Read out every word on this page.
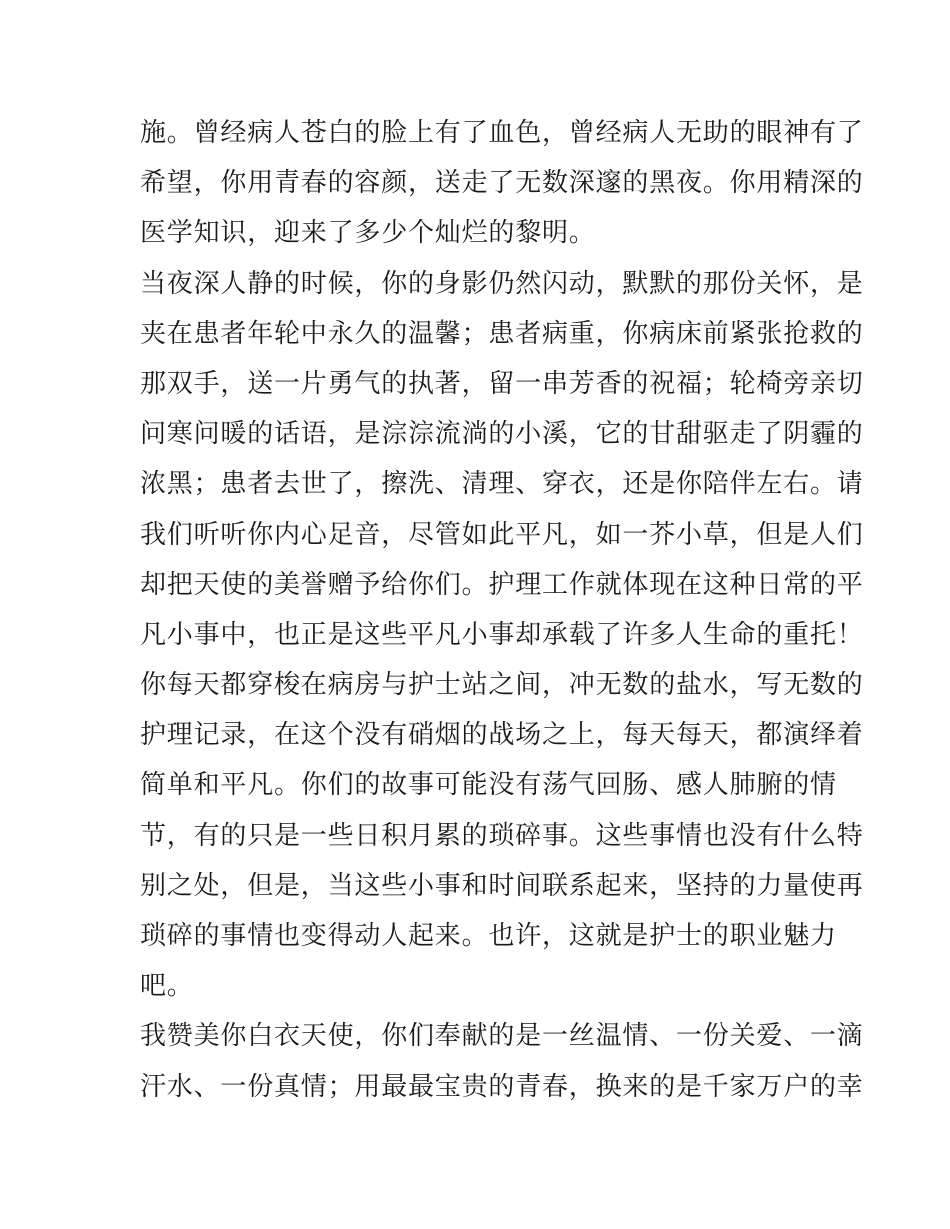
施。曾经病人苍白的脸上有了血色，曾经病人无助的眼神有了
希望，你用青春的容颜，送走了无数深邃的黑夜。你用精深的
医学知识，迎来了多少个灿烂的黎明。
当夜深人静的时候，你的身影仍然闪动，默默的那份关怀，是
夹在患者年轮中永久的温馨；患者病重，你病床前紧张抢救的
那双手，送一片勇气的执著，留一串芳香的祝福；轮椅旁亲切
问寒问暖的话语，是淙淙流淌的小溪，它的甘甜驱走了阴霾的
浓黑；患者去世了，擦洗、清理、穿衣，还是你陪伴左右。请
我们听听你内心足音，尽管如此平凡，如一芥小草，但是人们
却把天使的美誉赠予给你们。护理工作就体现在这种日常的平
凡小事中，也正是这些平凡小事却承载了许多人生命的重托！
你每天都穿梭在病房与护士站之间，冲无数的盐水，写无数的
护理记录，在这个没有硝烟的战场之上，每天每天，都演绎着
简单和平凡。你们的故事可能没有荡气回肠、感人肺腑的情
节，有的只是一些日积月累的琐碎事。这些事情也没有什么特
别之处，但是，当这些小事和时间联系起来，坚持的力量使再
琐碎的事情也变得动人起来。也许，这就是护士的职业魅力
吧。
我赞美你白衣天使，你们奉献的是一丝温情、一份关爱、一滴
汗水、一份真情；用最最宝贵的青春，换来的是千家万户的幸
